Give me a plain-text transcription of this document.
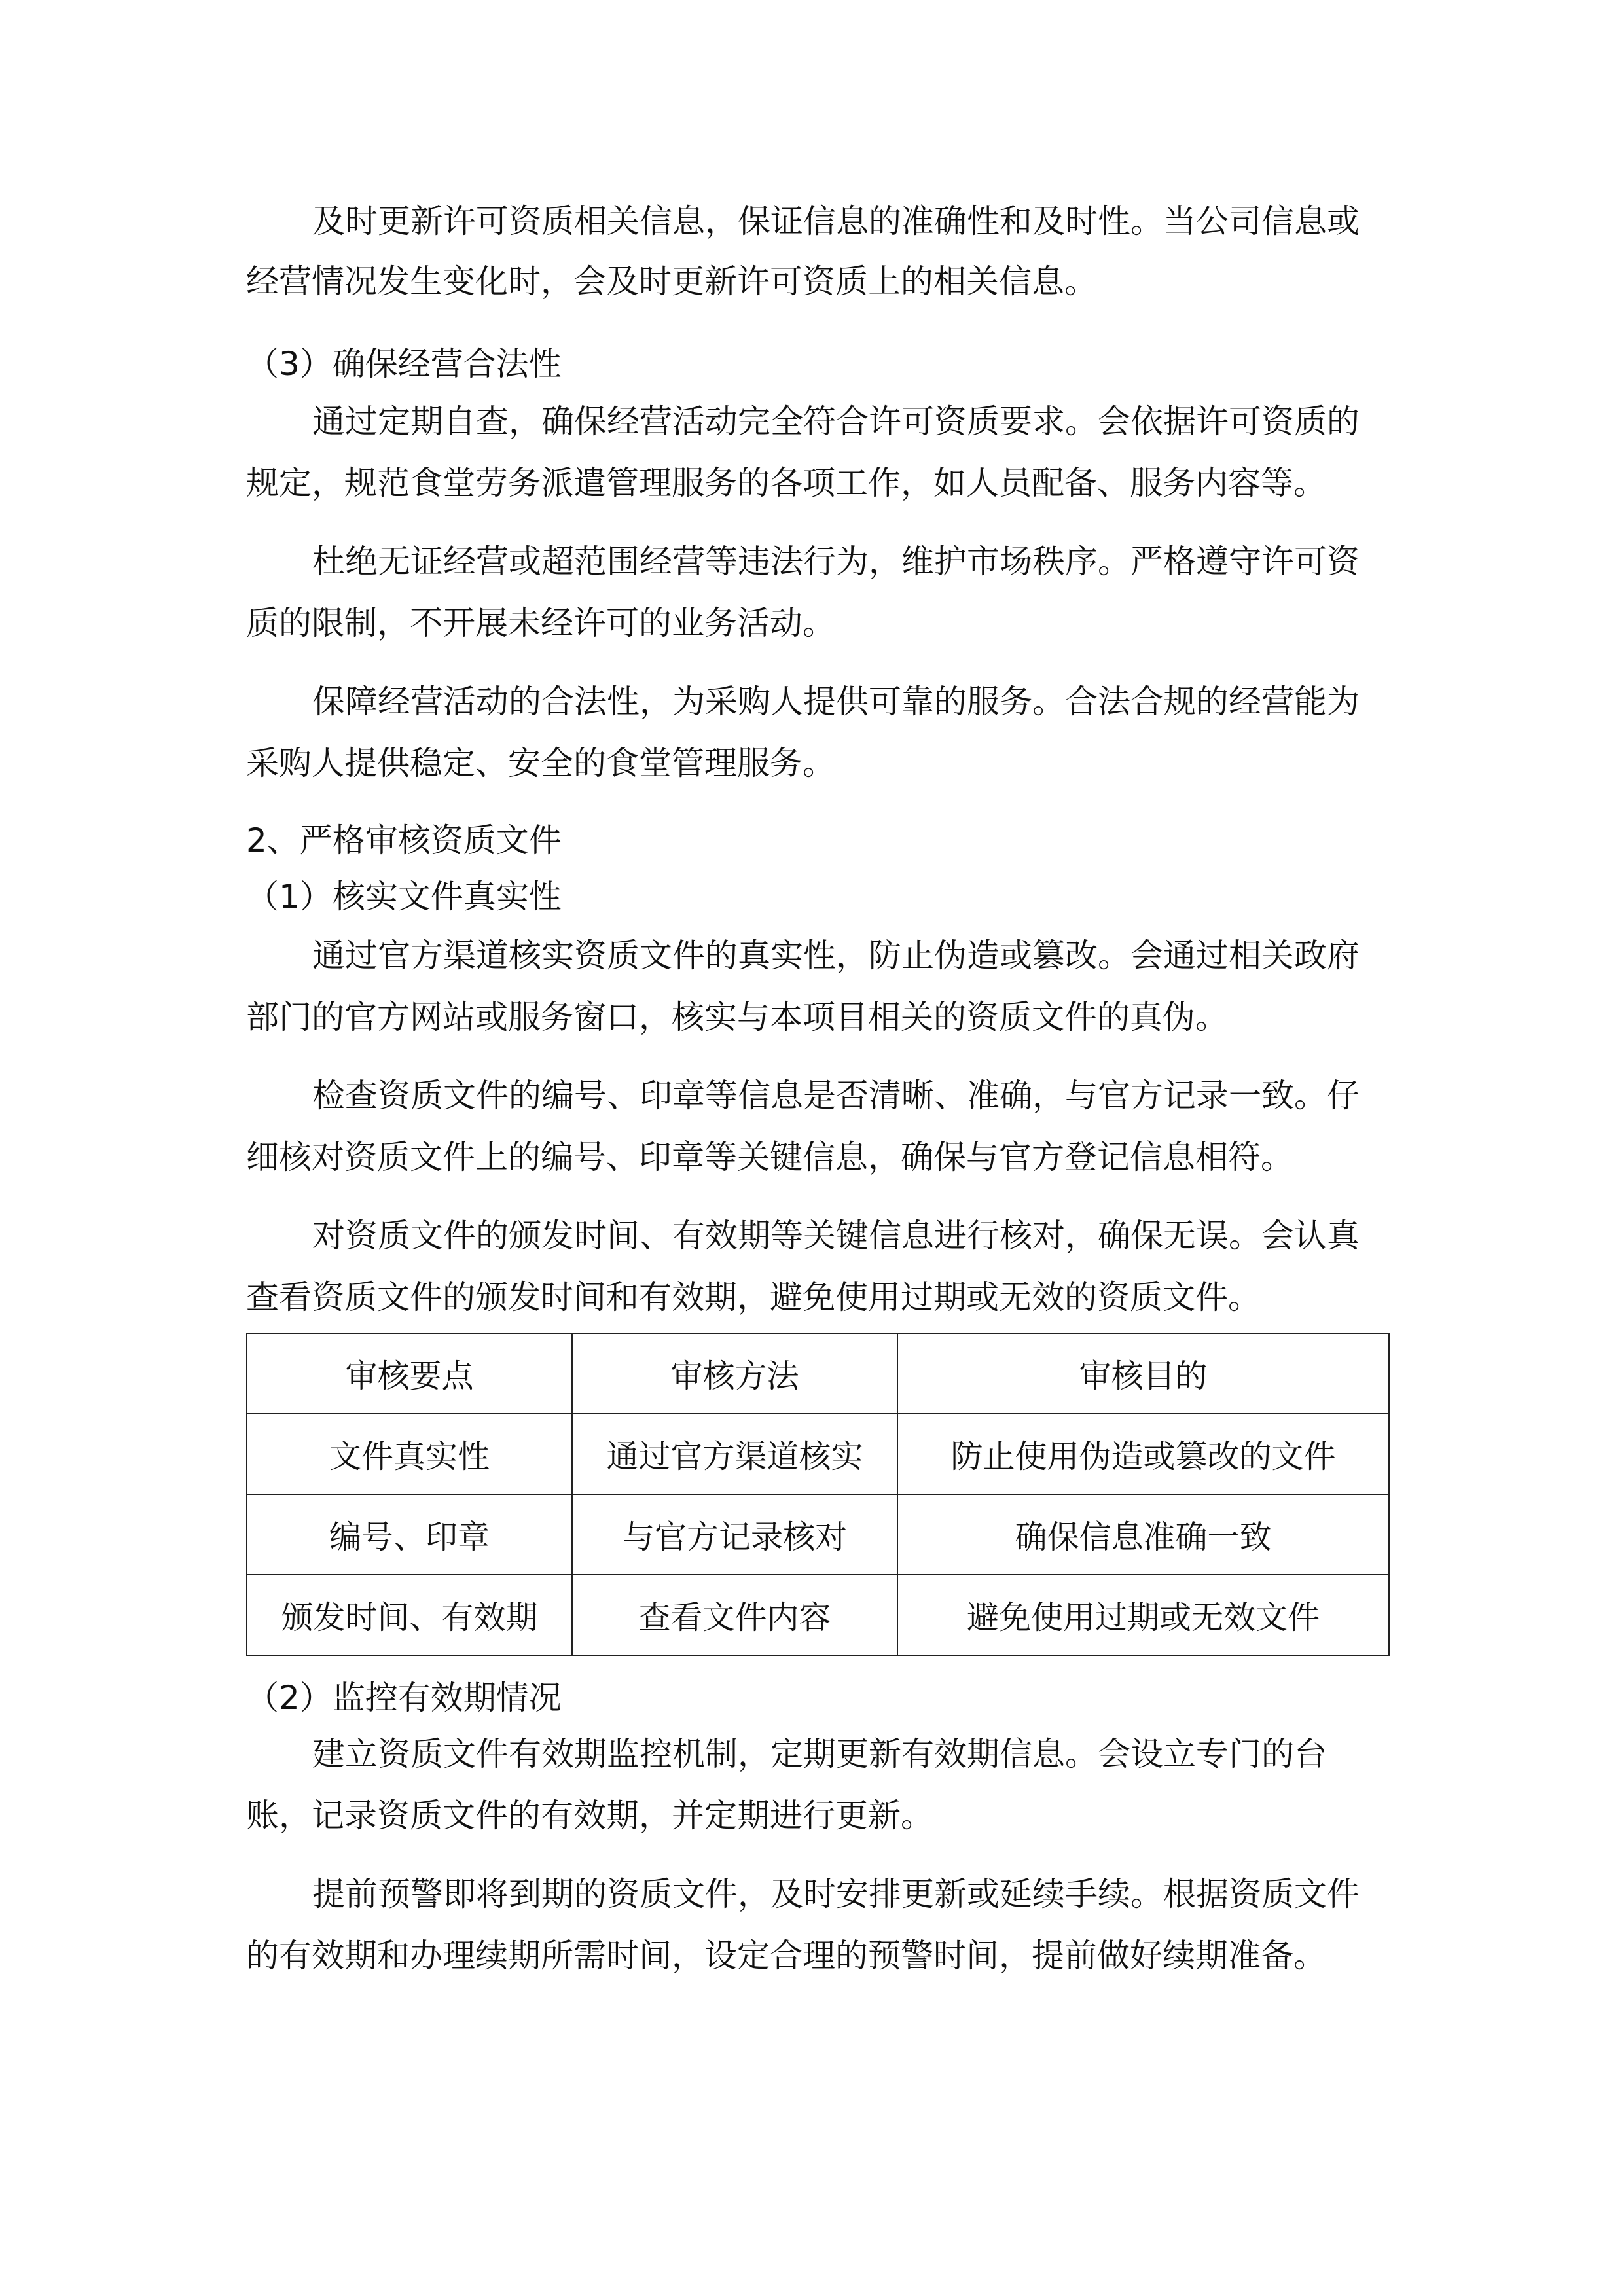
及时更新许可资质相关信息，保证信息的准确性和及时性。当公司信息或

经营情况发生变化时，会及时更新许可资质上的相关信息。

（3）确保经营合法性

通过定期自查，确保经营活动完全符合许可资质要求。会依据许可资质的

规定，规范食堂劳务派遣管理服务的各项工作，如人员配备、服务内容等。

杜绝无证经营或超范围经营等违法行为，维护市场秩序。严格遵守许可资

质的限制，不开展未经许可的业务活动。

保障经营活动的合法性，为采购人提供可靠的服务。合法合规的经营能为

采购人提供稳定、安全的食堂管理服务。

2、严格审核资质文件

（1）核实文件真实性

通过官方渠道核实资质文件的真实性，防止伪造或篡改。会通过相关政府

部门的官方网站或服务窗口，核实与本项目相关的资质文件的真伪。

检查资质文件的编号、印章等信息是否清晰、准确，与官方记录一致。仔

细核对资质文件上的编号、印章等关键信息，确保与官方登记信息相符。

对资质文件的颁发时间、有效期等关键信息进行核对，确保无误。会认真

查看资质文件的颁发时间和有效期，避免使用过期或无效的资质文件。

审核要点	审核方法	审核目的
文件真实性	通过官方渠道核实	防止使用伪造或篡改的文件
编号、印章	与官方记录核对	确保信息准确一致
颁发时间、有效期	查看文件内容	避免使用过期或无效文件

（2）监控有效期情况

建立资质文件有效期监控机制，定期更新有效期信息。会设立专门的台

账，记录资质文件的有效期，并定期进行更新。

提前预警即将到期的资质文件，及时安排更新或延续手续。根据资质文件

的有效期和办理续期所需时间，设定合理的预警时间，提前做好续期准备。
